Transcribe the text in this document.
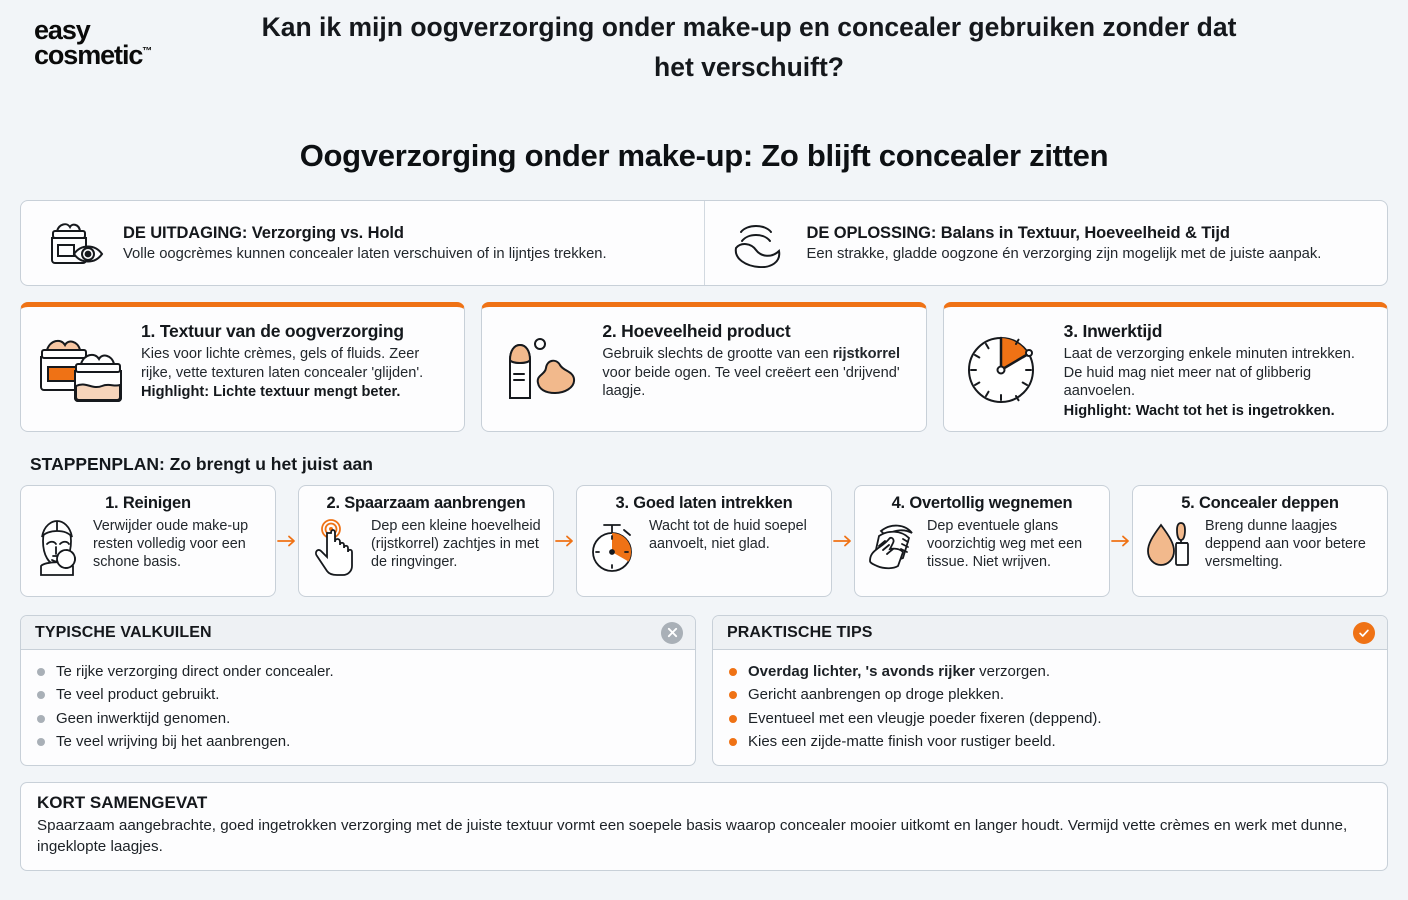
easy
cosmetic™
Kan ik mijn oogverzorging onder make-up en concealer gebruiken zonder dat het verschuift?
Oogverzorging onder make-up: Zo blijft concealer zitten
DE UITDAGING: Verzorging vs. Hold
Volle oogcrèmes kunnen concealer laten verschuiven of in lijntjes trekken.
DE OPLOSSING: Balans in Textuur, Hoeveelheid & Tijd
Een strakke, gladde oogzone én verzorging zijn mogelijk met de juiste aanpak.
1. Textuur van de oogverzorging
Kies voor lichte crèmes, gels of fluids. Zeer rijke, vette texturen laten concealer 'glijden'.
Highlight: Lichte textuur mengt beter.
2. Hoeveelheid product
Gebruik slechts de grootte van een rijstkorrel voor beide ogen. Te veel creëert een 'drijvend' laagje.
3. Inwerktijd
Laat de verzorging enkele minuten intrekken. De huid mag niet meer nat of glibberig aanvoelen.
Highlight: Wacht tot het is ingetrokken.
STAPPENPLAN: Zo brengt u het juist aan
1. Reinigen
Verwijder oude make-up resten volledig voor een schone basis.
2. Spaarzaam aanbrengen
Dep een kleine hoevelheid (rijstkorrel) zachtjes in met de ringvinger.
3. Goed laten intrekken
Wacht tot de huid soepel aanvoelt, niet glad.
4. Overtollig wegnemen
Dep eventuele glans voorzichtig weg met een tissue. Niet wrijven.
5. Concealer deppen
Breng dunne laagjes deppend aan voor betere versmelting.
TYPISCHE VALKUILEN
Te rijke verzorging direct onder concealer.
Te veel product gebruikt.
Geen inwerktijd genomen.
Te veel wrijving bij het aanbrengen.
PRAKTISCHE TIPS
Overdag lichter, 's avonds rijker verzorgen.
Gericht aanbrengen op droge plekken.
Eventueel met een vleugje poeder fixeren (deppend).
Kies een zijde-matte finish voor rustiger beeld.
KORT SAMENGEVAT
Spaarzaam aangebrachte, goed ingetrokken verzorging met de juiste textuur vormt een soepele basis waarop concealer mooier uitkomt en langer houdt. Vermijd vette crèmes en werk met dunne, ingeklopte laagjes.
